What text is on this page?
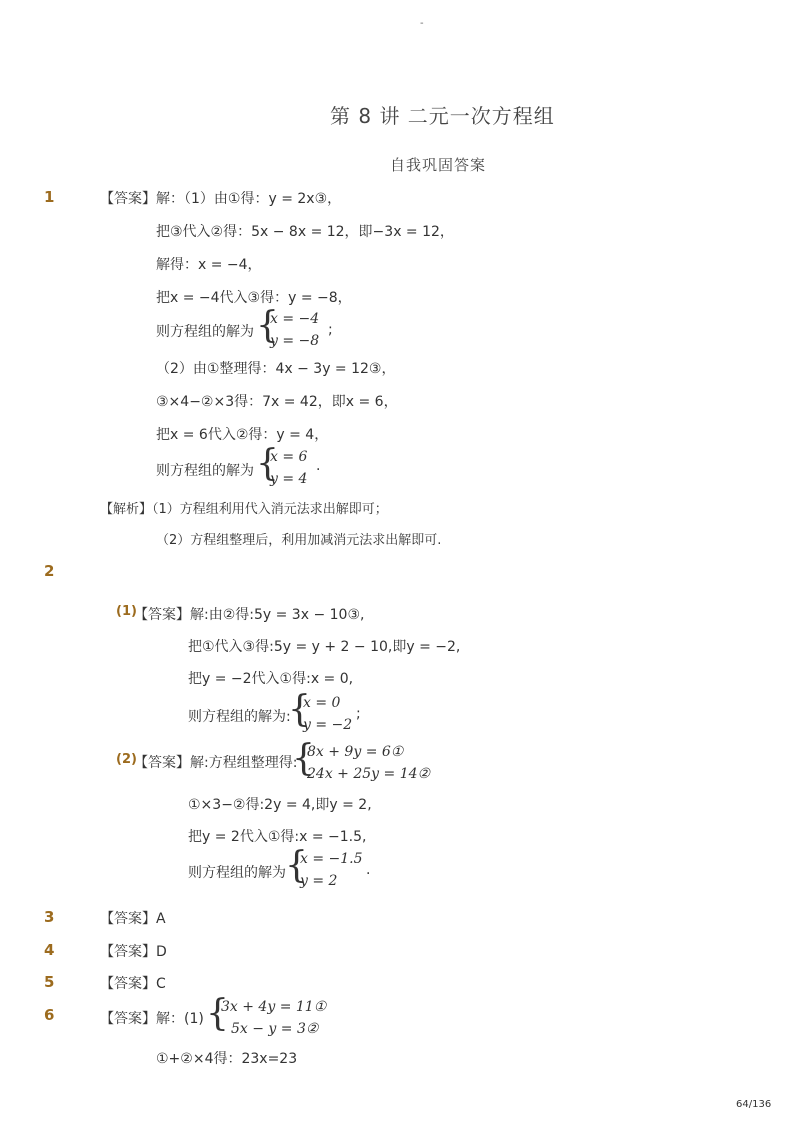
-
第 8 讲 二元一次方程组
自我巩固答案
1	【答案】解：（1）由①得：y = 2x③，
把③代入②得：5x − 8x = 12，即−3x = 12，
解得：x = −4，
把x = −4代入③得：y = −8，
则方程组的解为 {
x = −4
y = −8
;
（2）由①整理得：4x − 3y = 12③，
③×4−②×3得：7x = 42，即x = 6，
把x = 6代入②得：y = 4，
则方程组的解为 {
x = 6
y = 4
.
【解析】（1）方程组利用代入消元法求出解即可；
（2）方程组整理后，利用加减消元法求出解即可.
2
(1)
【答案】解:由②得:5y = 3x − 10③,
把①代入③得:5y = y + 2 − 10,即y = −2,
把y = −2代入①得:x = 0,
则方程组的解为:
{
x = 0
y = −2
;
(2)
【答案】解:方程组整理得:
{
8x + 9y = 6①
24x + 25y = 14②
①×3−②得:2y = 4,即y = 2,
把y = 2代入①得:x = −1.5,
则方程组的解为 {
x = −1.5
y = 2
.
3	【答案】A
4	【答案】D
5	【答案】C
6	【答案】解：(1) {
3x + 4y = 11①
5x − y = 3②
①+②×4得：23x=23
64/136
